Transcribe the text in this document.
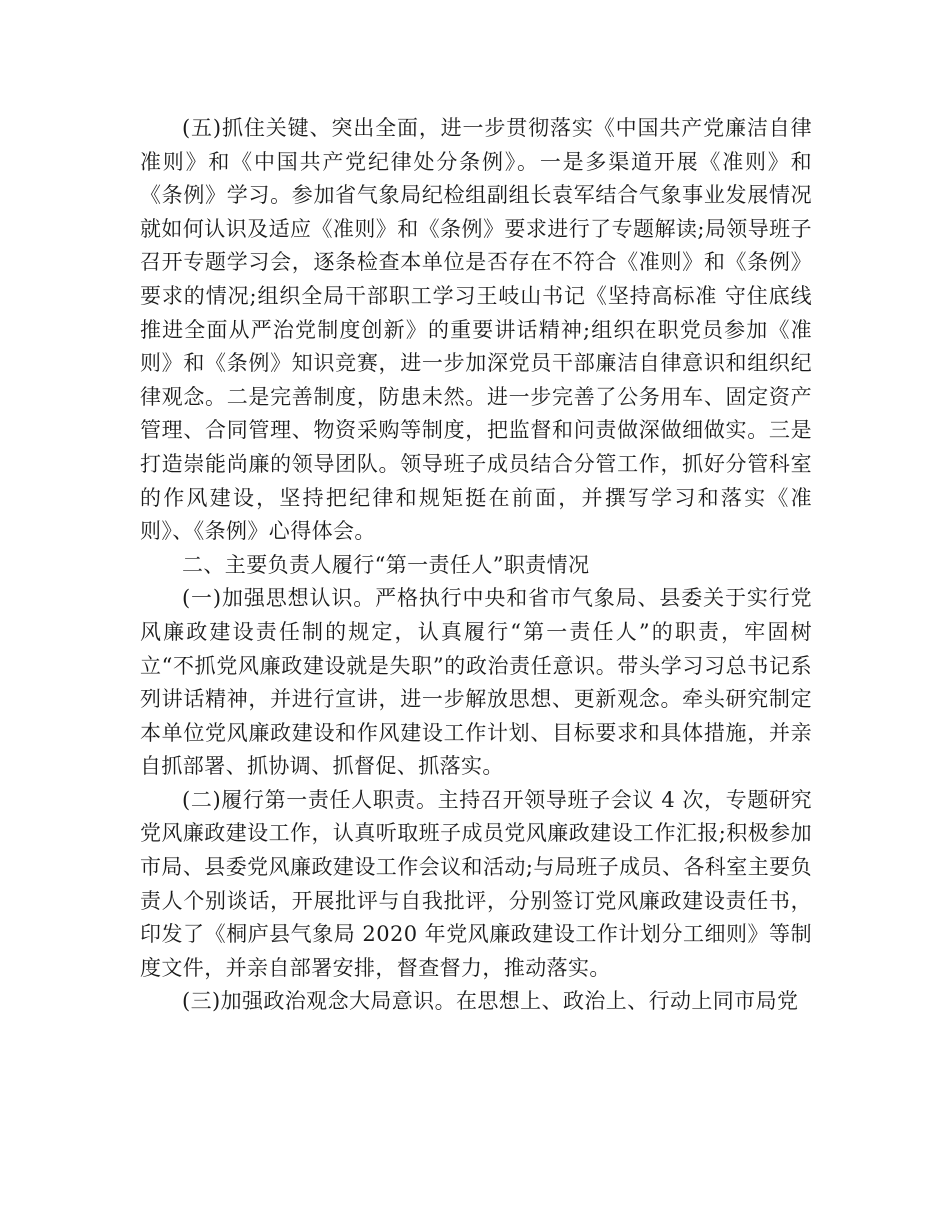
(五)抓住关键、突出全面，进一步贯彻落实《中国共产党廉洁自律准则》和《中国共产党纪律处分条例》。一是多渠道开展《准则》和《条例》学习。参加省气象局纪检组副组长袁军结合气象事业发展情况就如何认识及适应《准则》和《条例》要求进行了专题解读;局领导班子召开专题学习会，逐条检查本单位是否存在不符合《准则》和《条例》要求的情况;组织全局干部职工学习王岐山书记《坚持高标准 守住底线 推进全面从严治党制度创新》的重要讲话精神;组织在职党员参加《准则》和《条例》知识竞赛，进一步加深党员干部廉洁自律意识和组织纪律观念。二是完善制度，防患未然。进一步完善了公务用车、固定资产管理、合同管理、物资采购等制度，把监督和问责做深做细做实。三是打造崇能尚廉的领导团队。领导班子成员结合分管工作，抓好分管科室的作风建设，坚持把纪律和规矩挺在前面，并撰写学习和落实《准则》、《条例》心得体会。

二、主要负责人履行“第一责任人”职责情况

(一)加强思想认识。严格执行中央和省市气象局、县委关于实行党风廉政建设责任制的规定，认真履行“第一责任人”的职责，牢固树立“不抓党风廉政建设就是失职”的政治责任意识。带头学习习总书记系列讲话精神，并进行宣讲，进一步解放思想、更新观念。牵头研究制定本单位党风廉政建设和作风建设工作计划、目标要求和具体措施，并亲自抓部署、抓协调、抓督促、抓落实。

(二)履行第一责任人职责。主持召开领导班子会议 4 次，专题研究党风廉政建设工作，认真听取班子成员党风廉政建设工作汇报;积极参加市局、县委党风廉政建设工作会议和活动;与局班子成员、各科室主要负责人个别谈话，开展批评与自我批评，分别签订党风廉政建设责任书，印发了《桐庐县气象局 2020 年党风廉政建设工作计划分工细则》等制度文件，并亲自部署安排，督查督力，推动落实。

(三)加强政治观念大局意识。在思想上、政治上、行动上同市局党
